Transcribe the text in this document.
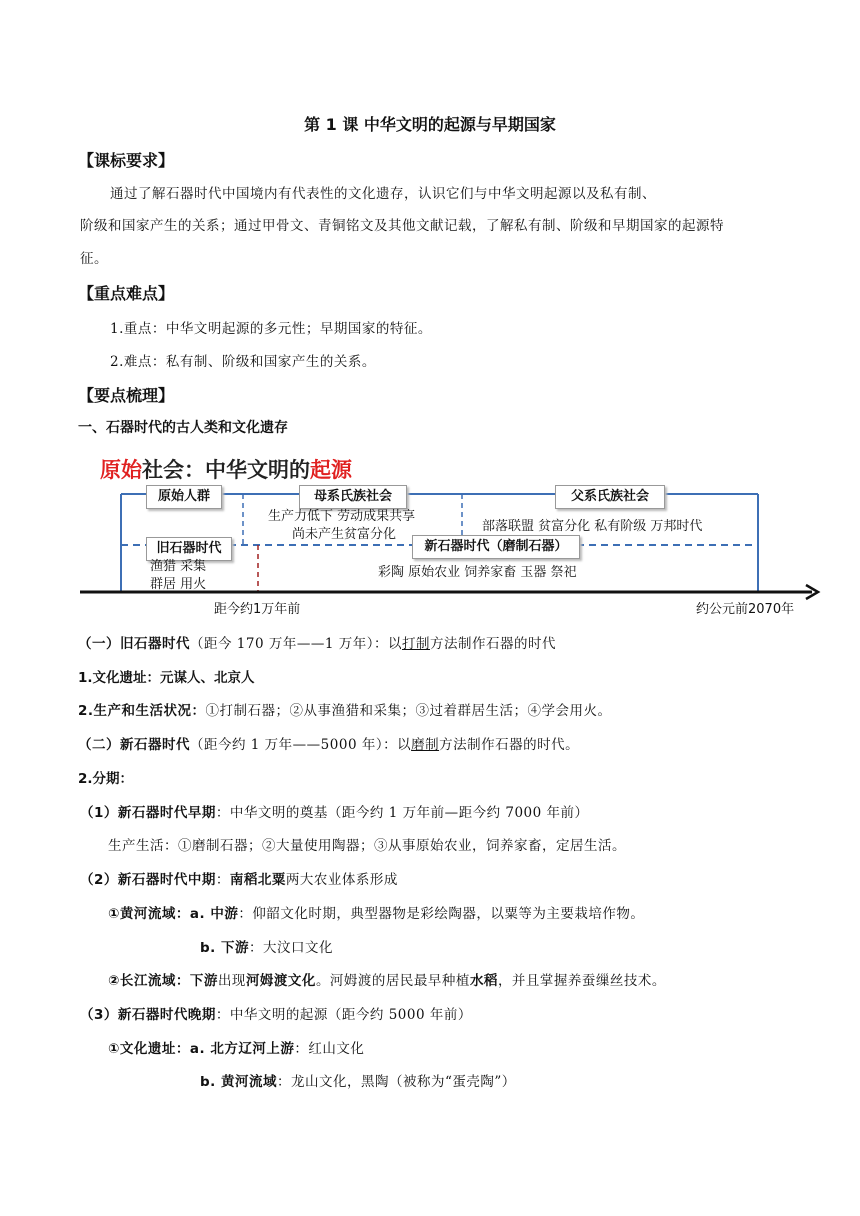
第 1 课 中华文明的起源与早期国家
【课标要求】
通过了解石器时代中国境内有代表性的文化遗存，认识它们与中华文明起源以及私有制、
阶级和国家产生的关系；通过甲骨文、青铜铭文及其他文献记载，了解私有制、阶级和早期国家的起源特
征。
【重点难点】
1.重点：中华文明起源的多元性；早期国家的特征。
2.难点：私有制、阶级和国家产生的关系。
【要点梳理】
一、石器时代的古人类和文化遗存
原始社会：中华文明的起源
原始人群	母系氏族社会	父系氏族社会
生产力低下 劳动成果共享
尚未产生贫富分化
部落联盟 贫富分化 私有阶级 万邦时代
旧石器时代	新石器时代（磨制石器）
渔猎 采集
群居 用火
彩陶 原始农业 饲养家畜 玉器 祭祀
距今约1万年前	约公元前2070年
（一）旧石器时代（距今 170 万年——1 万年）：以打制方法制作石器的时代
1.文化遗址：元谋人、北京人
2.生产和生活状况：①打制石器；②从事渔猎和采集；③过着群居生活；④学会用火。
（二）新石器时代（距今约 1 万年——5000 年）：以磨制方法制作石器的时代。
2.分期：
（1）新石器时代早期：中华文明的奠基（距今约 1 万年前—距今约 7000 年前）
生产生活：①磨制石器；②大量使用陶器；③从事原始农业，饲养家畜，定居生活。
（2）新石器时代中期：南稻北粟两大农业体系形成
①黄河流域：a. 中游：仰韶文化时期，典型器物是彩绘陶器，以粟等为主要栽培作物。
b. 下游：大汶口文化
②长江流域：下游出现河姆渡文化。河姆渡的居民最早种植水稻，并且掌握养蚕缫丝技术。
（3）新石器时代晚期：中华文明的起源（距今约 5000 年前）
①文化遗址：a. 北方辽河上游：红山文化
b. 黄河流域：龙山文化，黑陶（被称为“蛋壳陶”）
